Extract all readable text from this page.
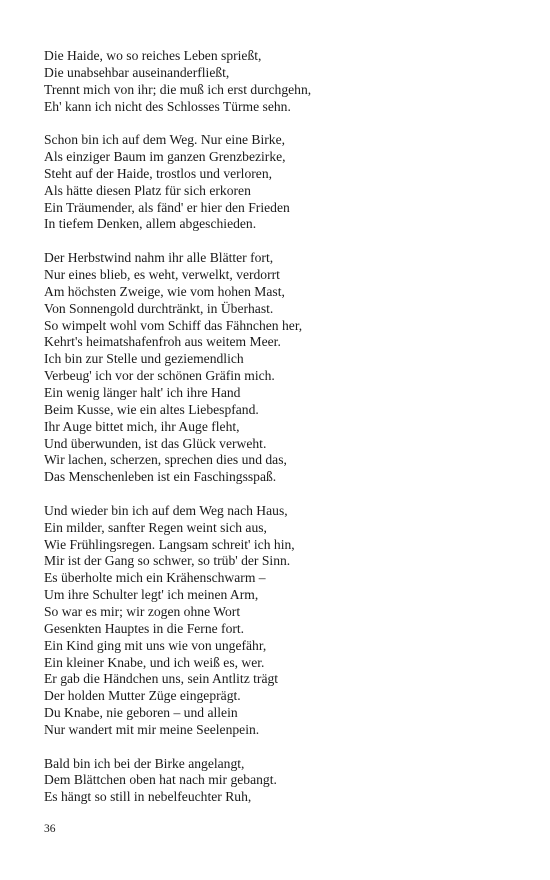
Die Haide, wo so reiches Leben sprießt,
Die unabsehbar auseinanderfließt,
Trennt mich von ihr; die muß ich erst durchgehn,
Eh' kann ich nicht des Schlosses Türme sehn.
Schon bin ich auf dem Weg. Nur eine Birke,
Als einziger Baum im ganzen Grenzbezirke,
Steht auf der Haide, trostlos und verloren,
Als hätte diesen Platz für sich erkoren
Ein Träumender, als fänd' er hier den Frieden
In tiefem Denken, allem abgeschieden.
Der Herbstwind nahm ihr alle Blätter fort,
Nur eines blieb, es weht, verwelkt, verdorrt
Am höchsten Zweige, wie vom hohen Mast,
Von Sonnengold durchtränkt, in Überhast.
So wimpelt wohl vom Schiff das Fähnchen her,
Kehrt's heimatshafenfroh aus weitem Meer.
Ich bin zur Stelle und geziemendlich
Verbeug' ich vor der schönen Gräfin mich.
Ein wenig länger halt' ich ihre Hand
Beim Kusse, wie ein altes Liebespfand.
Ihr Auge bittet mich, ihr Auge fleht,
Und überwunden, ist das Glück verweht.
Wir lachen, scherzen, sprechen dies und das,
Das Menschenleben ist ein Faschingsspaß.
Und wieder bin ich auf dem Weg nach Haus,
Ein milder, sanfter Regen weint sich aus,
Wie Frühlingsregen. Langsam schreit' ich hin,
Mir ist der Gang so schwer, so trüb' der Sinn.
Es überholte mich ein Krähenschwarm –
Um ihre Schulter legt' ich meinen Arm,
So war es mir; wir zogen ohne Wort
Gesenkten Hauptes in die Ferne fort.
Ein Kind ging mit uns wie von ungefähr,
Ein kleiner Knabe, und ich weiß es, wer.
Er gab die Händchen uns, sein Antlitz trägt
Der holden Mutter Züge eingeprägt.
Du Knabe, nie geboren – und allein
Nur wandert mit mir meine Seelenpein.
Bald bin ich bei der Birke angelangt,
Dem Blättchen oben hat nach mir gebangt.
Es hängt so still in nebelfeuchter Ruh,
36
